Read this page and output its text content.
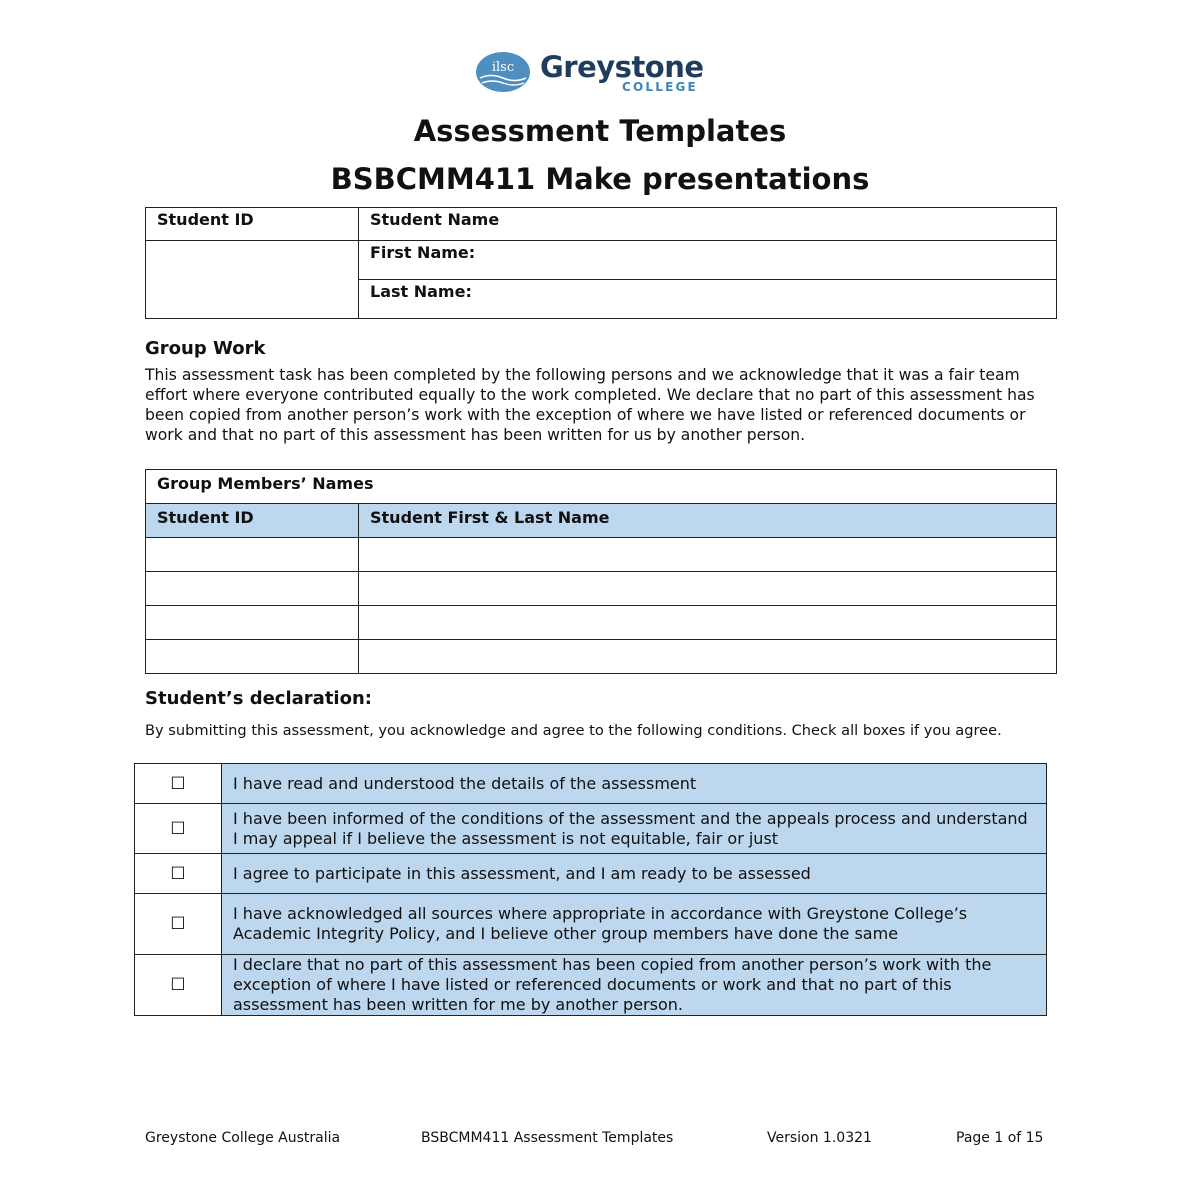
ilsc Greystone
COLLEGE
Assessment Templates
BSBCMM411 Make presentations
Student ID	Student Name
	First Name:
	Last Name:
Group Work
This assessment task has been completed by the following persons and we acknowledge that it was a fair team effort where everyone contributed equally to the work completed. We declare that no part of this assessment has been copied from another person’s work with the exception of where we have listed or referenced documents or work and that no part of this assessment has been written for us by another person.
Group Members’ Names	
Student ID	Student First & Last Name

Student’s declaration:
By submitting this assessment, you acknowledge and agree to the following conditions. Check all boxes if you agree.
☐	I have read and understood the details of the assessment
☐	I have been informed of the conditions of the assessment and the appeals process and understand I may appeal if I believe the assessment is not equitable, fair or just
☐	I agree to participate in this assessment, and I am ready to be assessed
☐	I have acknowledged all sources where appropriate in accordance with Greystone College’s Academic Integrity Policy, and I believe other group members have done the same
☐	I declare that no part of this assessment has been copied from another person’s work with the exception of where I have listed or referenced documents or work and that no part of this assessment has been written for me by another person.
Greystone College Australia	BSBCMM411 Assessment Templates	Version 1.0321	Page 1 of 15
